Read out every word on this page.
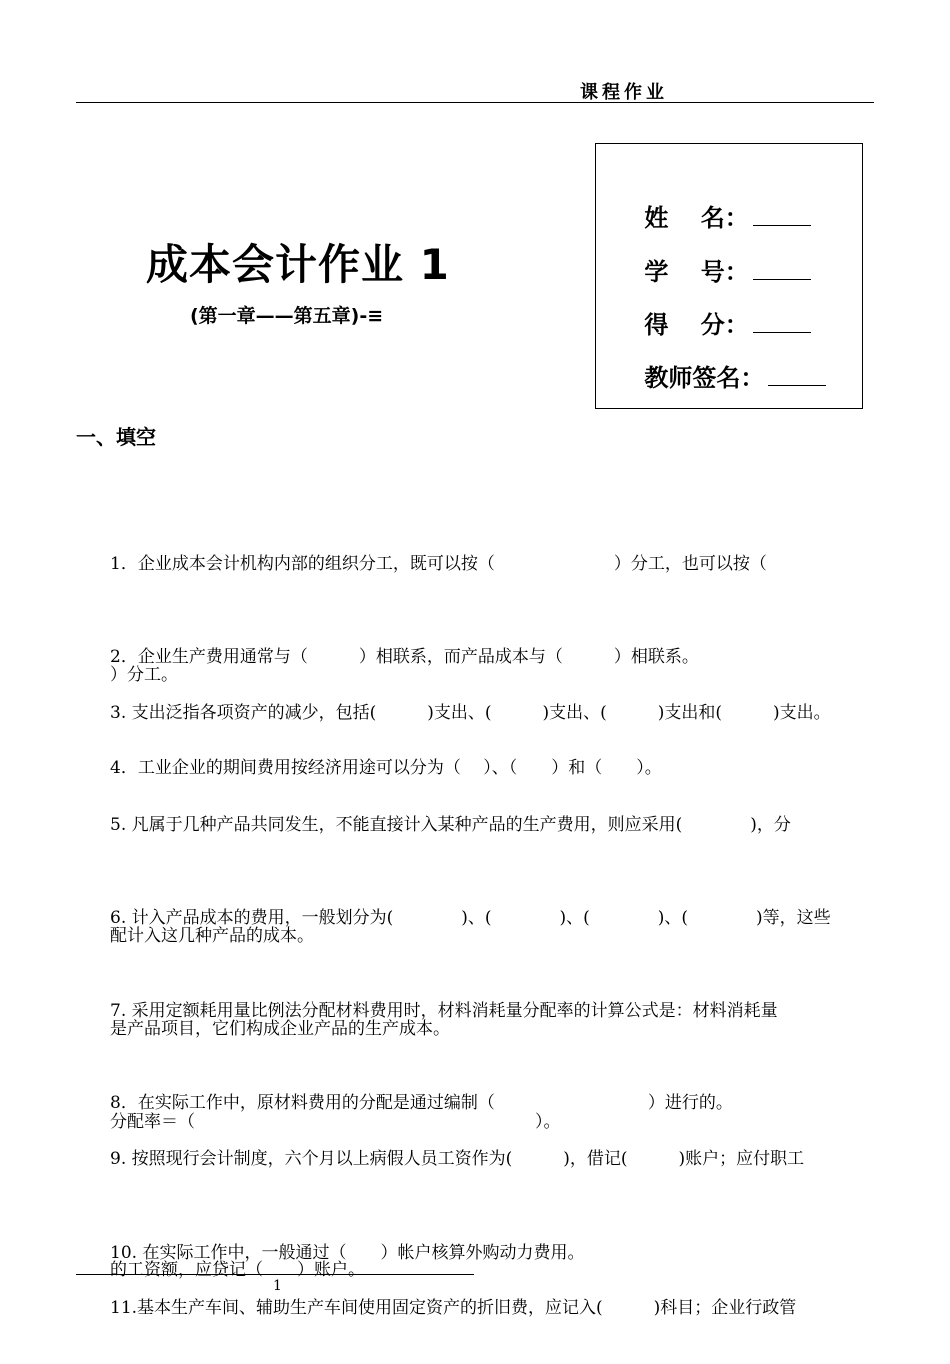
课程作业
成本会计作业 1
(第一章——第五章)-≡

姓　 名：

学　 号：

得　 分：

教师签名：

一、填空

1．企业成本会计机构内部的组织分工，既可以按（　　　　　　　）分工，也可以按（

）分工。

2．企业生产费用通常与（　　　）相联系，而产品成本与（　　　）相联系。

3. 支出泛指各项资产的减少，包括(　　　)支出、(　　　)支出、(　　　)支出和(　　　)支出。

4．工业企业的期间费用按经济用途可以分为（　 ）、（　　）和（　　）。

5. 凡属于几种产品共同发生，不能直接计入某种产品的生产费用，则应采用(　　　　)，分

配计入这几种产品的成本。

6. 计入产品成本的费用，一般划分为(　　　　)、(　　　　)、(　　　　)、(　　　　)等，这些

是产品项目，它们构成企业产品的生产成本。

7. 采用定额耗用量比例法分配材料费用时，材料消耗量分配率的计算公式是：材料消耗量

分配率＝（　　　　　　　　　　　　　　　　　　　　）。

8．在实际工作中，原材料费用的分配是通过编制（　　　　　　　　　）进行的。

9. 按照现行会计制度，六个月以上病假人员工资作为(　　　)，借记(　　　)账户；应付职工

的工资额，应贷记（　　）账户。

10. 在实际工作中，一般通过（　　）帐户核算外购动力费用。

11.基本生产车间、辅助生产车间使用固定资产的折旧费，应记入(　　　)科目；企业行政管

1
